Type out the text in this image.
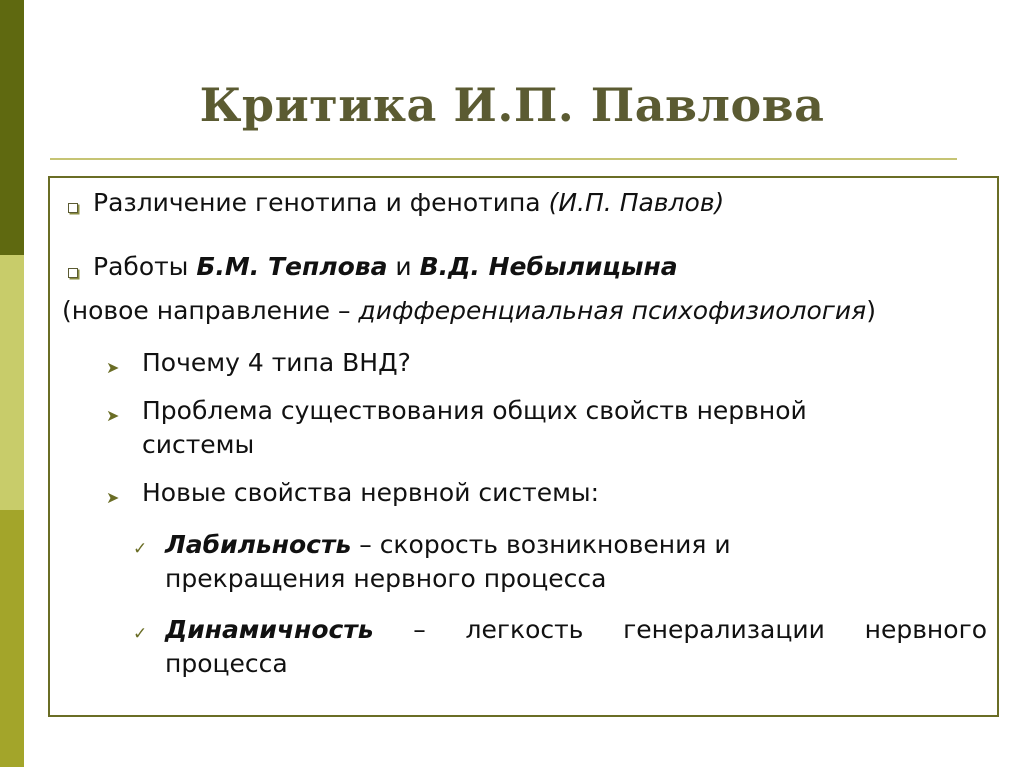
Критика И.П. Павлова
Различение генотипа и фенотипа (И.П. Павлов)
Работы Б.М. Теплова и В.Д. Небылицына
(новое направление – дифференциальная психофизиология)
➤ Почему 4 типа ВНД?
➤ Проблема существования общих свойств нервной
системы
➤ Новые свойства нервной системы:
✓ Лабильность – скорость возникновения и
прекращения нервного процесса
✓ Динамичность – легкость генерализации нервного
процесса
